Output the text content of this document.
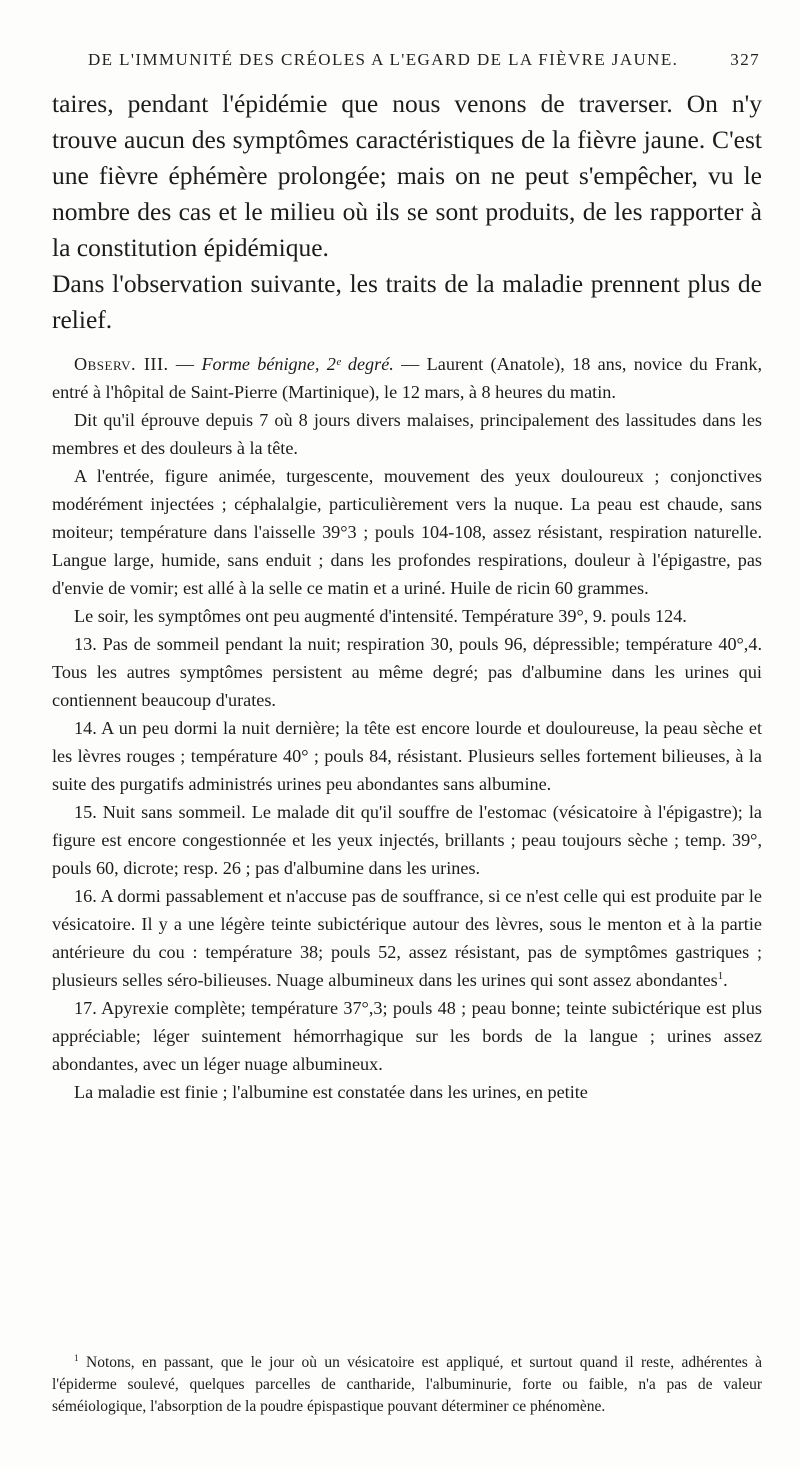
DE L'IMMUNITÉ DES CRÉOLES A L'EGARD DE LA FIÈVRE JAUNE.	327

taires, pendant l'épidémie que nous venons de traverser. On n'y trouve aucun des symptômes caractéristiques de la fièvre jaune. C'est une fièvre éphémère prolongée; mais on ne peut s'empêcher, vu le nombre des cas et le milieu où ils se sont produits, de les rapporter à la constitution épidémique.

Dans l'observation suivante, les traits de la maladie prennent plus de relief.

Observ. III. — Forme bénigne, 2ᵉ degré. — Laurent (Anatole), 18 ans, novice du Frank, entré à l'hôpital de Saint-Pierre (Martinique), le 12 mars, à 8 heures du matin.

Dit qu'il éprouve depuis 7 où 8 jours divers malaises, principalement des lassitudes dans les membres et des douleurs à la tête.

A l'entrée, figure animée, turgescente, mouvement des yeux douloureux ; conjonctives modérément injectées ; céphalalgie, particulièrement vers la nuque. La peau est chaude, sans moiteur; température dans l'aisselle 39°3 ; pouls 104-108, assez résistant, respiration naturelle. Langue large, humide, sans enduit ; dans les profondes respirations, douleur à l'épigastre, pas d'envie de vomir; est allé à la selle ce matin et a uriné. Huile de ricin 60 grammes.

Le soir, les symptômes ont peu augmenté d'intensité. Température 39°, 9. pouls 124.

13. Pas de sommeil pendant la nuit; respiration 30, pouls 96, dépressible; température 40°,4. Tous les autres symptômes persistent au même degré; pas d'albumine dans les urines qui contiennent beaucoup d'urates.

14. A un peu dormi la nuit dernière; la tête est encore lourde et douloureuse, la peau sèche et les lèvres rouges ; température 40° ; pouls 84, résistant. Plusieurs selles fortement bilieuses, à la suite des purgatifs administrés urines peu abondantes sans albumine.

15. Nuit sans sommeil. Le malade dit qu'il souffre de l'estomac (vésicatoire à l'épigastre); la figure est encore congestionnée et les yeux injectés, brillants ; peau toujours sèche ; temp. 39°, pouls 60, dicrote; resp. 26 ; pas d'albumine dans les urines.

16. A dormi passablement et n'accuse pas de souffrance, si ce n'est celle qui est produite par le vésicatoire. Il y a une légère teinte subictérique autour des lèvres, sous le menton et à la partie antérieure du cou : température 38; pouls 52, assez résistant, pas de symptômes gastriques ; plusieurs selles séro-bilieuses. Nuage albumineux dans les urines qui sont assez abondantes$^1$.

17. Apyrexie complète; température 37°,3; pouls 48 ; peau bonne; teinte subictérique est plus appréciable; léger suintement hémorrhagique sur les bords de la langue ; urines assez abondantes, avec un léger nuage albumineux.

La maladie est finie ; l'albumine est constatée dans les urines, en petite

$^1$ Notons, en passant, que le jour où un vésicatoire est appliqué, et surtout quand il reste, adhérentes à l'épiderme soulevé, quelques parcelles de cantharide, l'albuminurie, forte ou faible, n'a pas de valeur séméiologique, l'absorption de la poudre épispastique pouvant déterminer ce phénomène.
